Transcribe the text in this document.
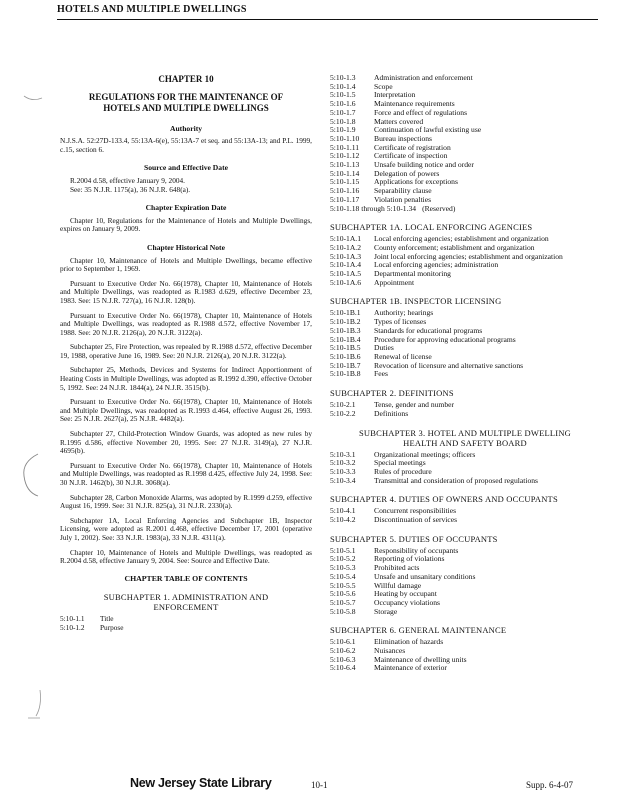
HOTELS AND MULTIPLE DWELLINGS
CHAPTER 10
REGULATIONS FOR THE MAINTENANCE OF
HOTELS AND MULTIPLE DWELLINGS
Authority
N.J.S.A. 52:27D-133.4, 55:13A-6(e), 55:13A-7 et seq. and 55:13A-13; and P.L. 1999, c.15, section 6.
Source and Effective Date
R.2004 d.58, effective January 9, 2004.
See: 35 N.J.R. 1175(a), 36 N.J.R. 648(a).
Chapter Expiration Date
Chapter 10, Regulations for the Maintenance of Hotels and Multiple Dwellings, expires on January 9, 2009.
Chapter Historical Note
Chapter 10, Maintenance of Hotels and Multiple Dwellings, became effective prior to September 1, 1969.
Pursuant to Executive Order No. 66(1978), Chapter 10, Maintenance of Hotels and Multiple Dwellings, was readopted as R.1983 d.629, effective December 23, 1983. See: 15 N.J.R. 727(a), 16 N.J.R. 128(b).
Pursuant to Executive Order No. 66(1978), Chapter 10, Maintenance of Hotels and Multiple Dwellings, was readopted as R.1988 d.572, effective November 17, 1988. See: 20 N.J.R. 2126(a), 20 N.J.R. 3122(a).
Subchapter 25, Fire Protection, was repealed by R.1988 d.572, effective December 19, 1988, operative June 16, 1989. See: 20 N.J.R. 2126(a), 20 N.J.R. 3122(a).
Subchapter 25, Methods, Devices and Systems for Indirect Apportionment of Heating Costs in Multiple Dwellings, was adopted as R.1992 d.390, effective October 5, 1992. See: 24 N.J.R. 1844(a), 24 N.J.R. 3515(b).
Pursuant to Executive Order No. 66(1978), Chapter 10, Maintenance of Hotels and Multiple Dwellings, was readopted as R.1993 d.464, effective August 26, 1993. See: 25 N.J.R. 2627(a), 25 N.J.R. 4482(a).
Subchapter 27, Child-Protection Window Guards, was adopted as new rules by R.1995 d.586, effective November 20, 1995. See: 27 N.J.R. 3149(a), 27 N.J.R. 4695(b).
Pursuant to Executive Order No. 66(1978), Chapter 10, Maintenance of Hotels and Multiple Dwellings, was readopted as R.1998 d.425, effective July 24, 1998. See: 30 N.J.R. 1462(b), 30 N.J.R. 3068(a).
Subchapter 28, Carbon Monoxide Alarms, was adopted by R.1999 d.259, effective August 16, 1999. See: 31 N.J.R. 825(a), 31 N.J.R. 2330(a).
Subchapter 1A, Local Enforcing Agencies and Subchapter 1B, Inspector Licensing, were adopted as R.2001 d.468, effective December 17, 2001 (operative July 1, 2002). See: 33 N.J.R. 1983(a), 33 N.J.R. 4311(a).
Chapter 10, Maintenance of Hotels and Multiple Dwellings, was readopted as R.2004 d.58, effective January 9, 2004. See: Source and Effective Date.
CHAPTER TABLE OF CONTENTS
SUBCHAPTER 1. ADMINISTRATION AND ENFORCEMENT
5:10-1.1	Title
5:10-1.2	Purpose
5:10-1.3	Administration and enforcement
5:10-1.4	Scope
5:10-1.5	Interpretation
5:10-1.6	Maintenance requirements
5:10-1.7	Force and effect of regulations
5:10-1.8	Matters covered
5:10-1.9	Continuation of lawful existing use
5:10-1.10	Bureau inspections
5:10-1.11	Certificate of registration
5:10-1.12	Certificate of inspection
5:10-1.13	Unsafe building notice and order
5:10-1.14	Delegation of powers
5:10-1.15	Applications for exceptions
5:10-1.16	Separability clause
5:10-1.17	Violation penalties
5:10-1.18 through 5:10-1.34 (Reserved)
SUBCHAPTER 1A. LOCAL ENFORCING AGENCIES
5:10-1A.1	Local enforcing agencies; establishment and organization
5:10-1A.2	County enforcement; establishment and organization
5:10-1A.3	Joint local enforcing agencies; establishment and organization
5:10-1A.4	Local enforcing agencies; administration
5:10-1A.5	Departmental monitoring
5:10-1A.6	Appointment
SUBCHAPTER 1B. INSPECTOR LICENSING
5:10-1B.1	Authority; hearings
5:10-1B.2	Types of licenses
5:10-1B.3	Standards for educational programs
5:10-1B.4	Procedure for approving educational programs
5:10-1B.5	Duties
5:10-1B.6	Renewal of license
5:10-1B.7	Revocation of licensure and alternative sanctions
5:10-1B.8	Fees
SUBCHAPTER 2. DEFINITIONS
5:10-2.1	Tense, gender and number
5:10-2.2	Definitions
SUBCHAPTER 3. HOTEL AND MULTIPLE DWELLING HEALTH AND SAFETY BOARD
5:10-3.1	Organizational meetings; officers
5:10-3.2	Special meetings
5:10-3.3	Rules of procedure
5:10-3.4	Transmittal and consideration of proposed regulations
SUBCHAPTER 4. DUTIES OF OWNERS AND OCCUPANTS
5:10-4.1	Concurrent responsibilities
5:10-4.2	Discontinuation of services
SUBCHAPTER 5. DUTIES OF OCCUPANTS
5:10-5.1	Responsibility of occupants
5:10-5.2	Reporting of violations
5:10-5.3	Prohibited acts
5:10-5.4	Unsafe and unsanitary conditions
5:10-5.5	Willful damage
5:10-5.6	Heating by occupant
5:10-5.7	Occupancy violations
5:10-5.8	Storage
SUBCHAPTER 6. GENERAL MAINTENANCE
5:10-6.1	Elimination of hazards
5:10-6.2	Nuisances
5:10-6.3	Maintenance of dwelling units
5:10-6.4	Maintenance of exterior
New Jersey State Library	10-1	Supp. 6-4-07
